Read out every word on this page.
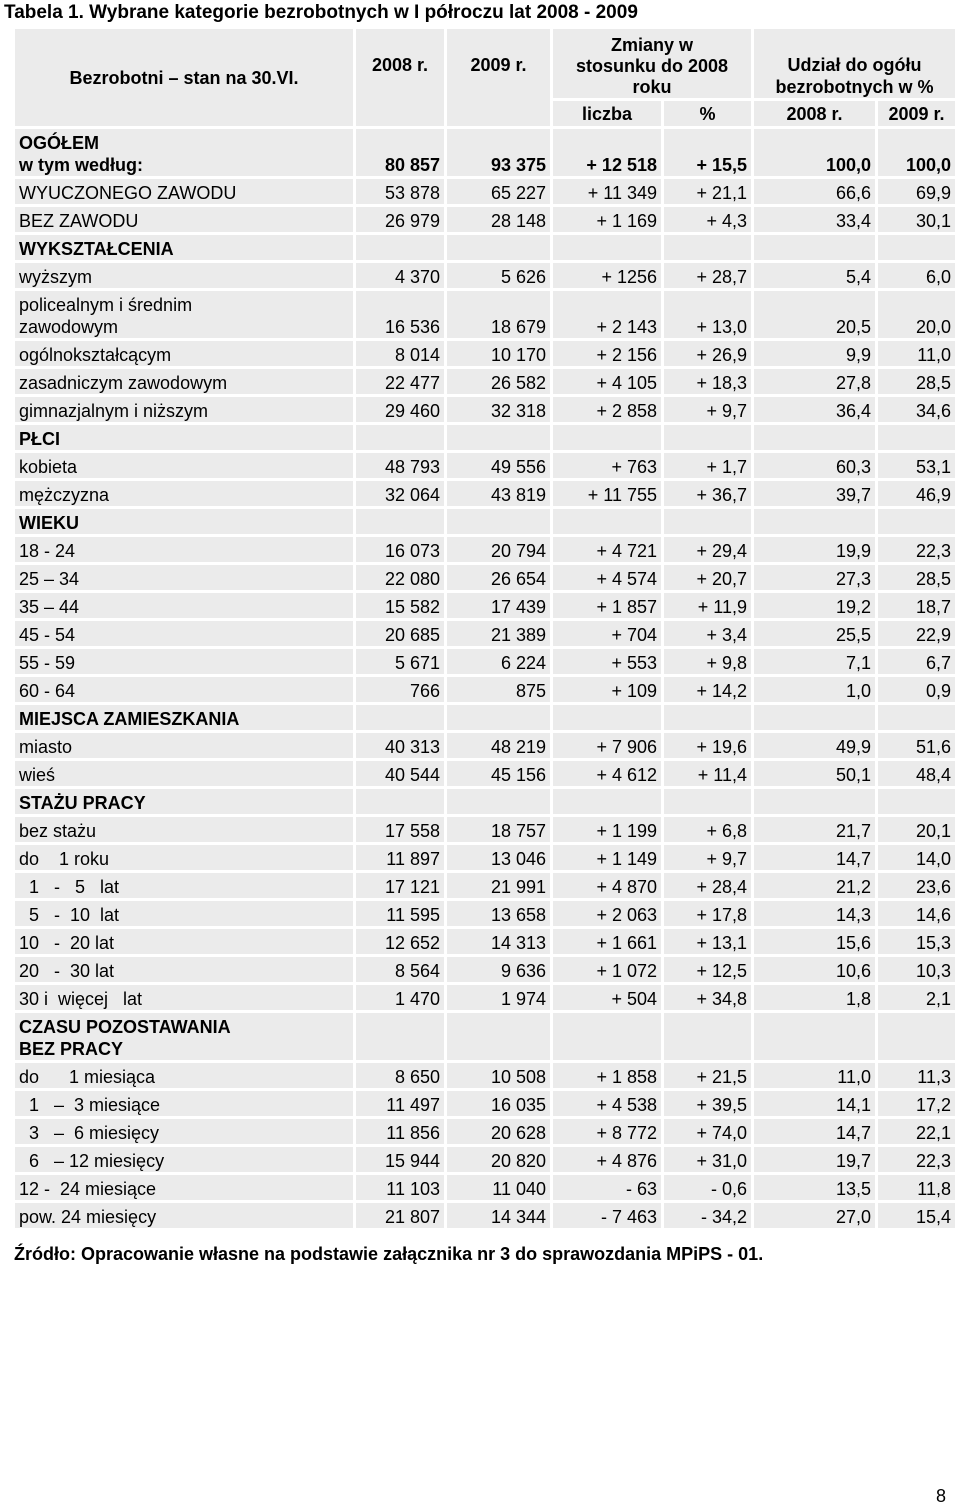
Tabela 1. Wybrane kategorie bezrobotnych w I półroczu lat 2008 - 2009
Bezrobotni – stan na 30.VI.	2008 r.	2009 r.	Zmiany w stosunku do 2008 roku		Udział do ogółu bezrobotnych w %	
			liczba	%	2008 r.	2009 r.
OGÓŁEM
w tym według:	80 857	93 375	+ 12 518	+ 15,5	100,0	100,0
WYUCZONEGO ZAWODU	53 878	65 227	+ 11 349	+ 21,1	66,6	69,9
BEZ ZAWODU	26 979	28 148	+ 1 169	+ 4,3	33,4	30,1
WYKSZTAŁCENIA						
wyższym	4 370	5 626	+ 1256	+ 28,7	5,4	6,0
policealnym i średnim
zawodowym	16 536	18 679	+ 2 143	+ 13,0	20,5	20,0
ogólnokształcącym	8 014	10 170	+ 2 156	+ 26,9	9,9	11,0
zasadniczym zawodowym	22 477	26 582	+ 4 105	+ 18,3	27,8	28,5
gimnazjalnym i niższym	29 460	32 318	+ 2 858	+ 9,7	36,4	34,6
PŁCI						
kobieta	48 793	49 556	+ 763	+ 1,7	60,3	53,1
mężczyzna	32 064	43 819	+ 11 755	+ 36,7	39,7	46,9
WIEKU						
18 - 24	16 073	20 794	+ 4 721	+ 29,4	19,9	22,3
25 – 34	22 080	26 654	+ 4 574	+ 20,7	27,3	28,5
35 – 44	15 582	17 439	+ 1 857	+ 11,9	19,2	18,7
45 - 54	20 685	21 389	+ 704	+ 3,4	25,5	22,9
55 - 59	5 671	6 224	+ 553	+ 9,8	7,1	6,7
60 - 64	766	875	+ 109	+ 14,2	1,0	0,9
MIEJSCA ZAMIESZKANIA						
miasto	40 313	48 219	+ 7 906	+ 19,6	49,9	51,6
wieś	40 544	45 156	+ 4 612	+ 11,4	50,1	48,4
STAŻU PRACY						
bez stażu	17 558	18 757	+ 1 199	+ 6,8	21,7	20,1
do    1 roku	11 897	13 046	+ 1 149	+ 9,7	14,7	14,0
1   -   5   lat	17 121	21 991	+ 4 870	+ 28,4	21,2	23,6
5   -  10  lat	11 595	13 658	+ 2 063	+ 17,8	14,3	14,6
10   -  20 lat	12 652	14 313	+ 1 661	+ 13,1	15,6	15,3
20   -  30 lat	8 564	9 636	+ 1 072	+ 12,5	10,6	10,3
30 i  więcej   lat	1 470	1 974	+ 504	+ 34,8	1,8	2,1
CZASU POZOSTAWANIA
BEZ PRACY						
do      1 miesiąca	8 650	10 508	+ 1 858	+ 21,5	11,0	11,3
1   –  3 miesiące	11 497	16 035	+ 4 538	+ 39,5	14,1	17,2
3   –  6 miesięcy	11 856	20 628	+ 8 772	+ 74,0	14,7	22,1
6   – 12 miesięcy	15 944	20 820	+ 4 876	+ 31,0	19,7	22,3
12 -  24 miesiące	11 103	11 040	- 63	- 0,6	13,5	11,8
pow. 24 miesięcy	21 807	14 344	- 7 463	- 34,2	27,0	15,4
Źródło: Opracowanie własne na podstawie załącznika nr 3 do sprawozdania MPiPS - 01.
8
